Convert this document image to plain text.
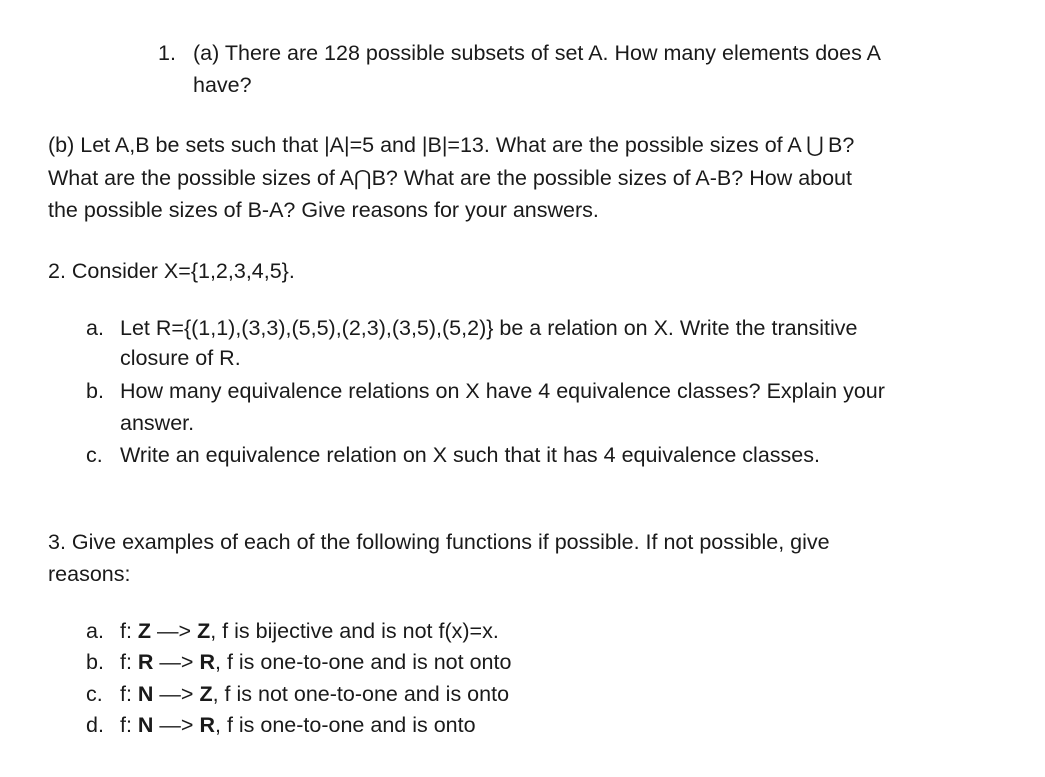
1. (a) There are 128 possible subsets of set A. How many elements does A
have?
(b) Let A,B be sets such that |A|=5 and |B|=13. What are the possible sizes of A ⋃ B?
What are the possible sizes of A⋂B? What are the possible sizes of A-B? How about
the possible sizes of B-A? Give reasons for your answers.
2. Consider X={1,2,3,4,5}.
a. Let R={(1,1),(3,3),(5,5),(2,3),(3,5),(5,2)} be a relation on X. Write the transitive
closure of R.
b. How many equivalence relations on X have 4 equivalence classes? Explain your
answer.
c. Write an equivalence relation on X such that it has 4 equivalence classes.
3. Give examples of each of the following functions if possible. If not possible, give
reasons:
a. f: Z —> Z, f is bijective and is not f(x)=x.
b. f: R —> R, f is one-to-one and is not onto
c. f: N —> Z, f is not one-to-one and is onto
d. f: N —> R, f is one-to-one and is onto
